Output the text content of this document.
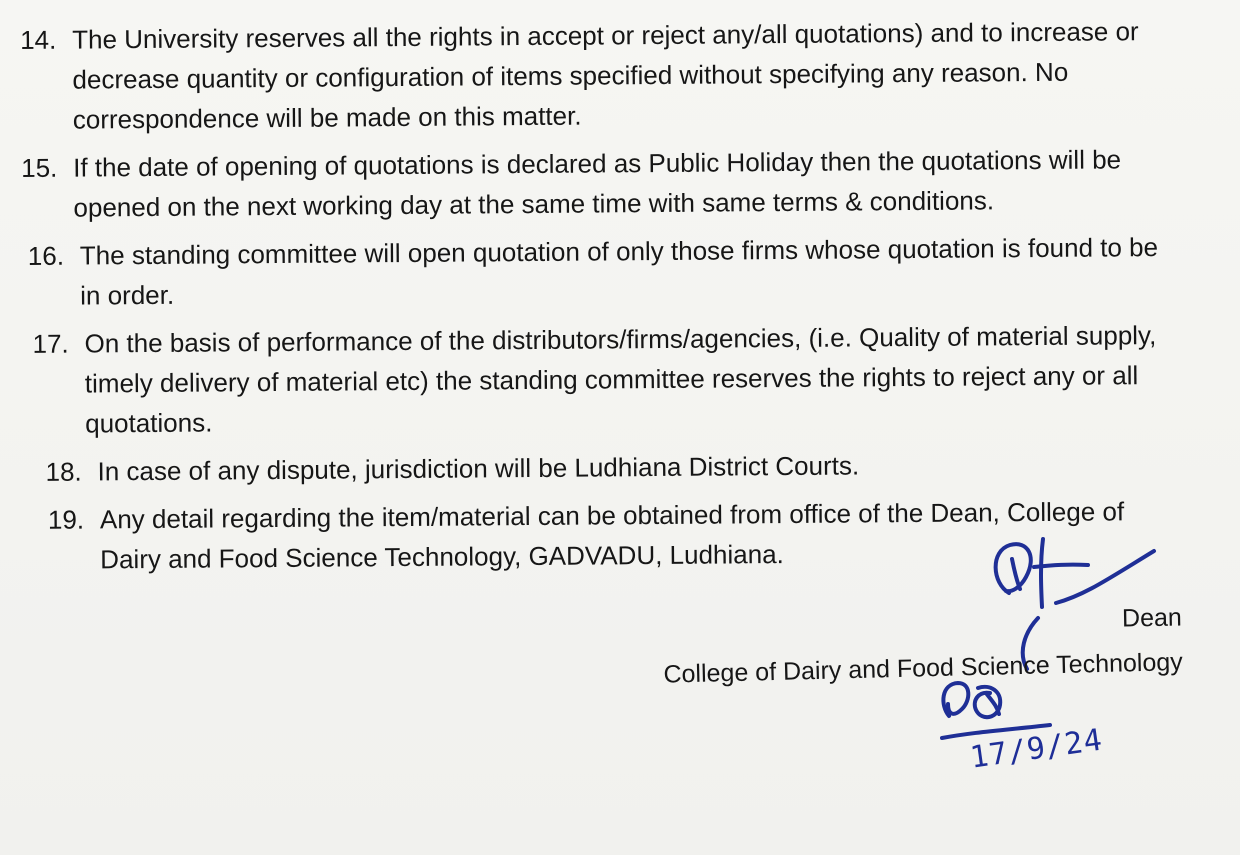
14. The University reserves all the rights in accept or reject any/all quotations) and to increase or decrease quantity or configuration of items specified without specifying any reason. No correspondence will be made on this matter.
15. If the date of opening of quotations is declared as Public Holiday then the quotations will be opened on the next working day at the same time with same terms & conditions.
16. The standing committee will open quotation of only those firms whose quotation is found to be in order.
17. On the basis of performance of the distributors/firms/agencies, (i.e. Quality of material supply, timely delivery of material etc) the standing committee reserves the rights to reject any or all quotations.
18. In case of any dispute, jurisdiction will be Ludhiana District Courts.
19. Any detail regarding the item/material can be obtained from office of the Dean, College of Dairy and Food Science Technology, GADVADU, Ludhiana.
Dean
College of Dairy and Food Science Technology
17/9/24
